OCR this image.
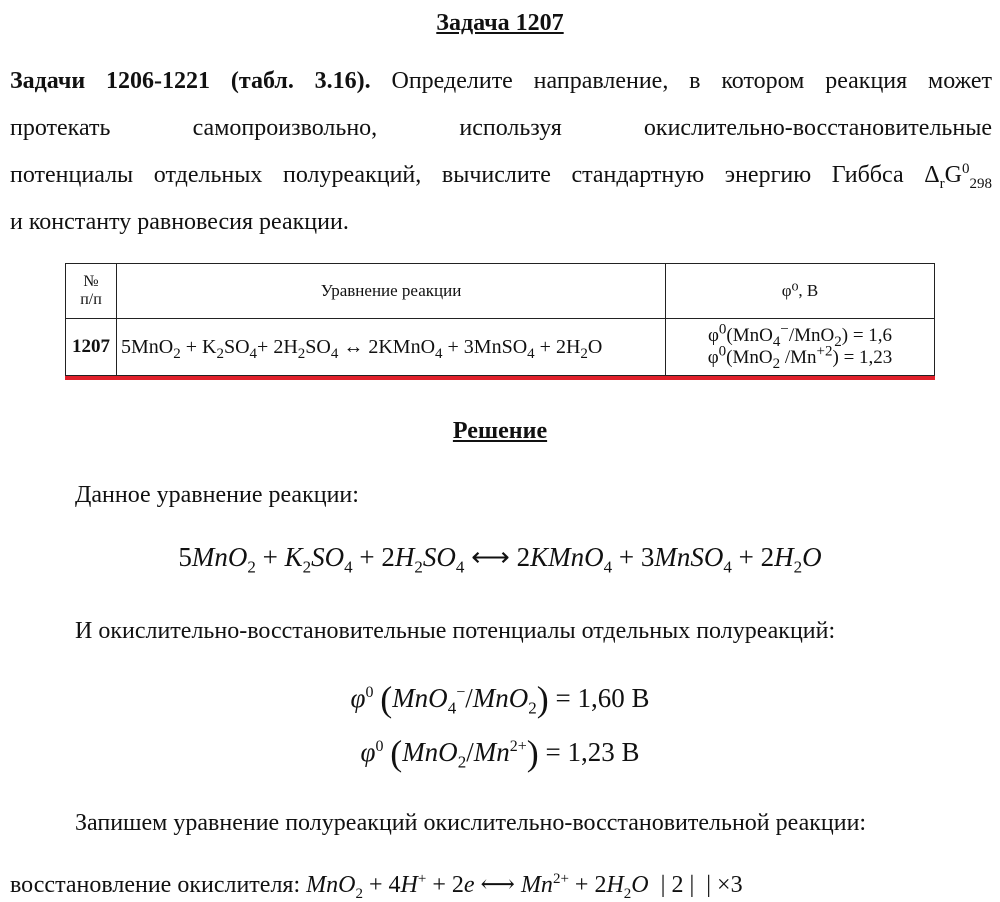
Задача 1207

Задачи 1206-1221 (табл. 3.16). Определите направление, в котором реакция может

протекать самопроизвольно, используя окислительно-восстановительные

потенциалы отдельных полуреакций, вычислите стандартную энергию Гиббса $\Delta_rG^0_{298}$

и константу равновесия реакции.

№
п/п	Уравнение реакции	φ⁰, В
1207	$5MnO_2 + K_2SO_4+ 2H_2SO_4$ ↔ 2KMnO$_4$ + 3MnSO$_4$ + $2H_2O$	$\varphi^0(MnO_4^-/MnO_2) = 1,6$
$\varphi^0(MnO_2$ $/Mn^{+2}) = 1,23$
Решение
Данное уравнение реакции:
$5MnO_2 + K_2SO_4 + 2H_2SO_4$ ⟷ 2KMnO$_4$ + 3MnSO$_4$ + $2H_2O$
И окислительно-восстановительные потенциалы отдельных полуреакций:
$\varphi^0$ (MnO$_4$−/MnO$_2$) = 1,60 В
$\varphi^0$ $(MnO_2/Mn^{2+}) = 1,23$ В
Запишем уравнение полуреакций окислительно-восстановительной реакции:
восстановление окислителя: MnO$_2$ + 4H+ + 2e ⟷ $Mn^{2+} + 2H_2O$  | 2 |  | ×3
